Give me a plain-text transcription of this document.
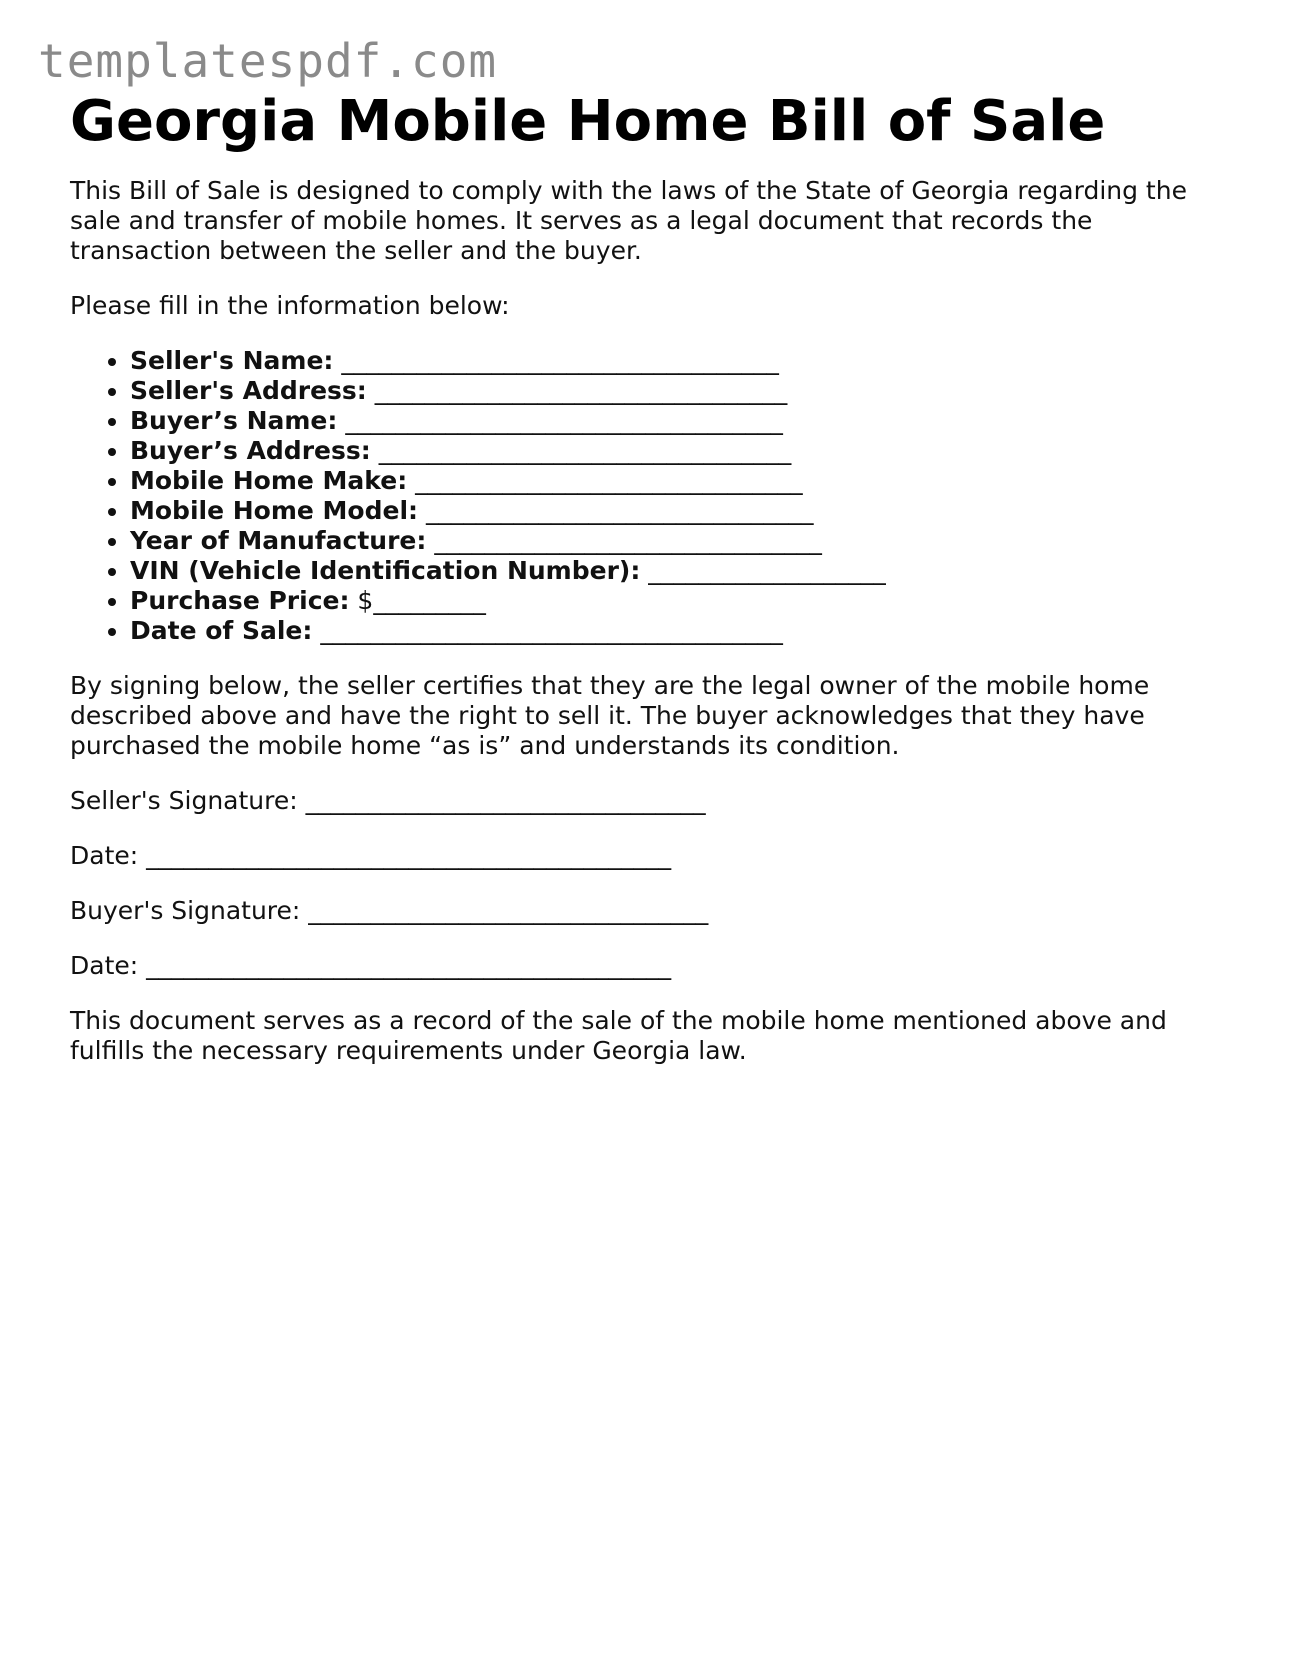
templatespdf.com
Georgia Mobile Home Bill of Sale

This Bill of Sale is designed to comply with the laws of the State of Georgia regarding the sale and transfer of mobile homes. It serves as a legal document that records the transaction between the seller and the buyer.

Please fill in the information below:

• Seller's Name: ___________________________________
• Seller's Address: _________________________________
• Buyer’s Name: ___________________________________
• Buyer’s Address: _________________________________
• Mobile Home Make: _______________________________
• Mobile Home Model: _______________________________
• Year of Manufacture: _______________________________
• VIN (Vehicle Identification Number): ___________________
• Purchase Price: $_________
• Date of Sale: _____________________________________

By signing below, the seller certifies that they are the legal owner of the mobile home described above and have the right to sell it. The buyer acknowledges that they have purchased the mobile home “as is” and understands its condition.

Seller's Signature: ________________________________

Date: __________________________________________

Buyer's Signature: ________________________________

Date: __________________________________________

This document serves as a record of the sale of the mobile home mentioned above and fulfills the necessary requirements under Georgia law.
